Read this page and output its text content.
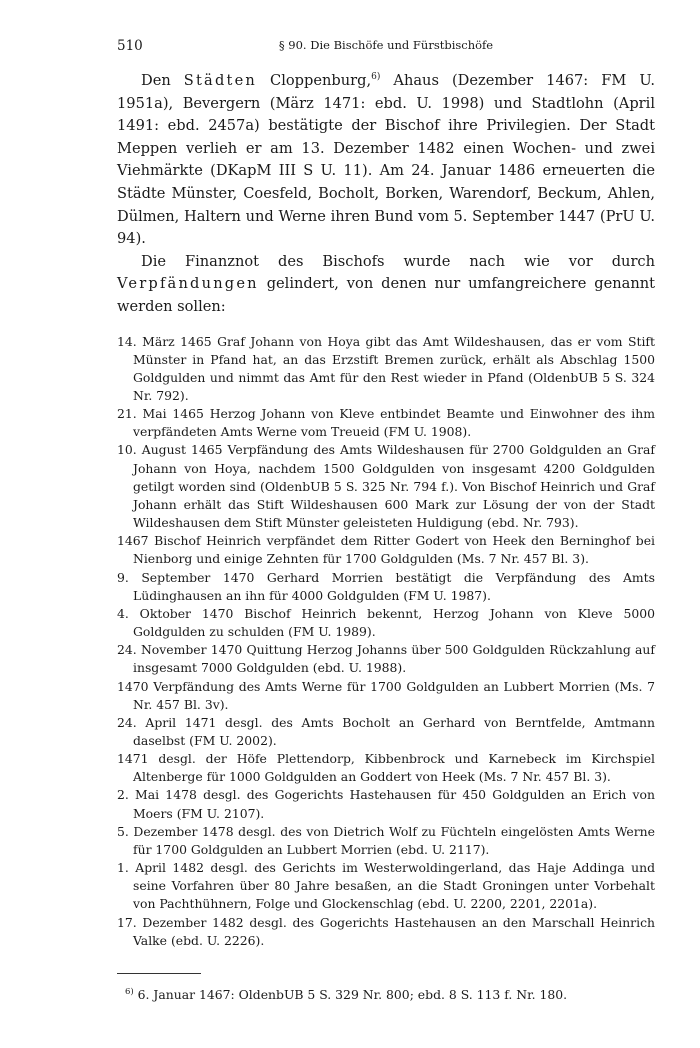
510	§ 90. Die Bischöfe und Fürstbischöfe

Den Städten Cloppenburg,$^{6)}$ Ahaus (Dezember 1467: FM U. 1951a), Bevergern (März 1471: ebd. U. 1998) und Stadtlohn (April 1491: ebd. 2457a) bestätigte der Bischof ihre Privilegien. Der Stadt Meppen verlieh er am 13. Dezember 1482 einen Wochen- und zwei Viehmärkte (DKapM III S U. 11). Am 24. Januar 1486 erneuerten die Städte Münster, Coesfeld, Bocholt, Borken, Warendorf, Beckum, Ahlen, Dülmen, Haltern und Werne ihren Bund vom 5. September 1447 (PrU U. 94).

Die Finanznot des Bischofs wurde nach wie vor durch Verpfändungen gelindert, von denen nur umfangreichere genannt werden sollen:

14. März 1465 Graf Johann von Hoya gibt das Amt Wildeshausen, das er vom Stift Münster in Pfand hat, an das Erzstift Bremen zurück, erhält als Abschlag 1500 Goldgulden und nimmt das Amt für den Rest wieder in Pfand (OldenbUB 5 S. 324 Nr. 792).

21. Mai 1465 Herzog Johann von Kleve entbindet Beamte und Einwohner des ihm verpfändeten Amts Werne vom Treueid (FM U. 1908).

10. August 1465 Verpfändung des Amts Wildeshausen für 2700 Goldgulden an Graf Johann von Hoya, nachdem 1500 Goldgulden von insgesamt 4200 Goldgulden getilgt worden sind (OldenbUB 5 S. 325 Nr. 794 f.). Von Bischof Heinrich und Graf Johann erhält das Stift Wildeshausen 600 Mark zur Lösung der von der Stadt Wildeshausen dem Stift Münster geleisteten Huldigung (ebd. Nr. 793).

1467 Bischof Heinrich verpfändet dem Ritter Godert von Heek den Berninghof bei Nienborg und einige Zehnten für 1700 Goldgulden (Ms. 7 Nr. 457 Bl. 3).

9. September 1470 Gerhard Morrien bestätigt die Verpfändung des Amts Lüdinghausen an ihn für 4000 Goldgulden (FM U. 1987).

4. Oktober 1470 Bischof Heinrich bekennt, Herzog Johann von Kleve 5000 Goldgulden zu schulden (FM U. 1989).

24. November 1470 Quittung Herzog Johanns über 500 Goldgulden Rückzahlung auf insgesamt 7000 Goldgulden (ebd. U. 1988).

1470 Verpfändung des Amts Werne für 1700 Goldgulden an Lubbert Morrien (Ms. 7 Nr. 457 Bl. 3v).

24. April 1471 desgl. des Amts Bocholt an Gerhard von Berntfelde, Amtmann daselbst (FM U. 2002).

1471 desgl. der Höfe Plettendorp, Kibbenbrock und Karnebeck im Kirchspiel Altenberge für 1000 Goldgulden an Goddert von Heek (Ms. 7 Nr. 457 Bl. 3).

2. Mai 1478 desgl. des Gogerichts Hastehausen für 450 Goldgulden an Erich von Moers (FM U. 2107).

5. Dezember 1478 desgl. des von Dietrich Wolf zu Füchteln eingelösten Amts Werne für 1700 Goldgulden an Lubbert Morrien (ebd. U. 2117).

1. April 1482 desgl. des Gerichts im Westerwoldingerland, das Haje Addinga und seine Vorfahren über 80 Jahre besaßen, an die Stadt Groningen unter Vorbehalt von Pachthühnern, Folge und Glockenschlag (ebd. U. 2200, 2201, 2201a).

17. Dezember 1482 desgl. des Gogerichts Hastehausen an den Marschall Heinrich Valke (ebd. U. 2226).

$^{6)}$ 6. Januar 1467: OldenbUB 5 S. 329 Nr. 800; ebd. 8 S. 113 f. Nr. 180.
